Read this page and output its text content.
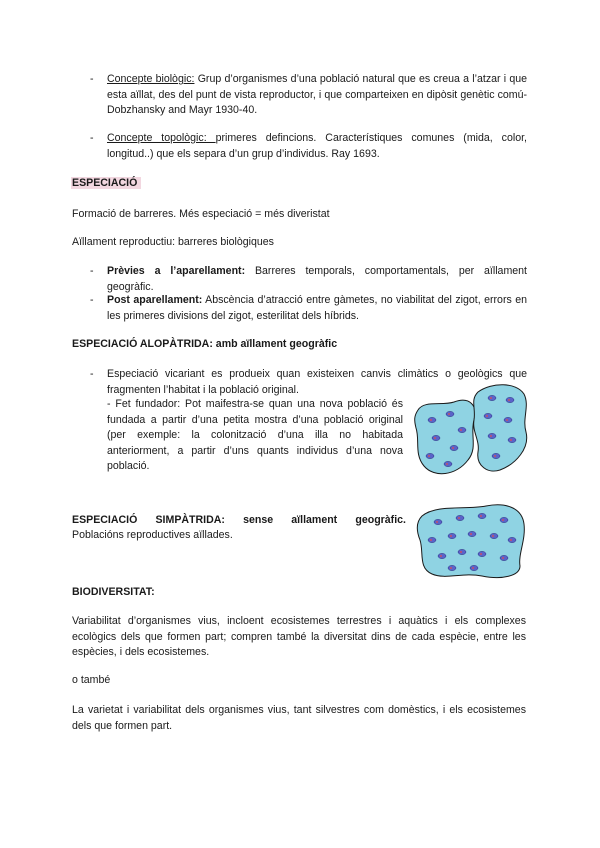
- Concepte biològic: Grup d’organismes d’una població natural que es creua a l’atzar i que esta aïllat, des del punt de vista reproductor, i que comparteixen en dipòsit genètic comú- Dobzhansky and Mayr 1930-40.
- Concepte topològic: primeres defincions. Característiques comunes (mida, color, longitud..) que els separa d’un grup d’individus. Ray 1693.
ESPECIACIÓ
Formació de barreres. Més especiació = més diveristat
Aïllament reproductiu: barreres biològiques
- Prèvies a l’aparellament: Barreres temporals, comportamentals, per aïllament geogràfic.
- Post aparellament: Abscència d’atracció entre gàmetes, no viabilitat del zigot, errors en les primeres divisions del zigot, esterilitat dels híbrids.
ESPECIACIÓ ALOPÀTRIDA: amb aïllament geogràfic
- Especiació vicariant es produeix quan existeixen canvis climàtics o geològics que fragmenten l’habitat i la població original.
- Fet fundador: Pot maifestra-se quan una nova població és fundada a partir d’una petita mostra d’una població original (per exemple: la colonització d’una illa no habitada anteriorment, a partir d’uns quants individus d’una nova població.
ESPECIACIÓ SIMPÀTRIDA: sense aïllament geogràfic.
Poblacións reproductives aïllades.
BIODIVERSITAT:
Variabilitat d’organismes vius, incloent ecosistemes terrestres i aquàtics i els complexes ecològics dels que formen part; compren també la diversitat dins de cada espècie, entre les espècies, i dels ecosistemes.
o també
La varietat i variabilitat dels organismes vius, tant silvestres com domèstics, i els ecosistemes dels que formen part.
